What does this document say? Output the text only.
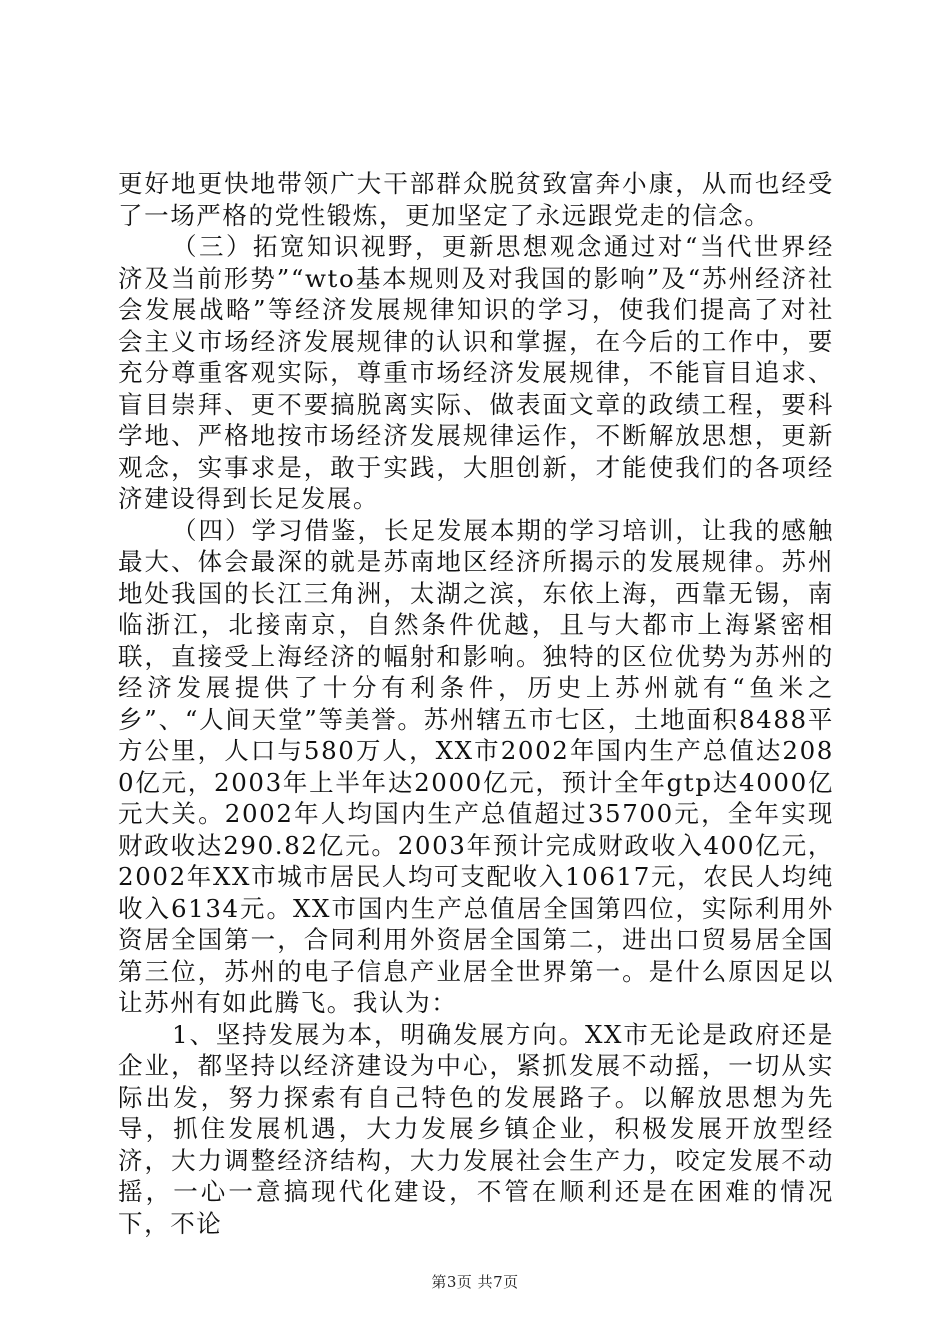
更好地更快地带领广大干部群众脱贫致富奔小康，从而也经受了一场严格的党性锻炼，更加坚定了永远跟党走的信念。

（三）拓宽知识视野，更新思想观念通过对“当代世界经济及当前形势”“wto基本规则及对我国的影响”及“苏州经济社会发展战略”等经济发展规律知识的学习，使我们提高了对社会主义市场经济发展规律的认识和掌握，在今后的工作中，要充分尊重客观实际，尊重市场经济发展规律，不能盲目追求、盲目崇拜、更不要搞脱离实际、做表面文章的政绩工程，要科学地、严格地按市场经济发展规律运作，不断解放思想，更新观念，实事求是，敢于实践，大胆创新，才能使我们的各项经济建设得到长足发展。

（四）学习借鉴，长足发展本期的学习培训，让我的感触最大、体会最深的就是苏南地区经济所揭示的发展规律。苏州地处我国的长江三角洲，太湖之滨，东依上海，西靠无锡，南临浙江，北接南京，自然条件优越，且与大都市上海紧密相联，直接受上海经济的幅射和影响。独特的区位优势为苏州的经济发展提供了十分有利条件，历史上苏州就有“鱼米之乡”、“人间天堂”等美誉。苏州辖五市七区，土地面积8488平方公里，人口与580万人，XX市2002年国内生产总值达2080亿元，2003年上半年达2000亿元，预计全年gtp达4000亿元大关。2002年人均国内生产总值超过35700元，全年实现财政收达290.82亿元。2003年预计完成财政收入400亿元，2002年XX市城市居民人均可支配收入10617元，农民人均纯收入6134元。XX市国内生产总值居全国第四位，实际利用外资居全国第一，合同利用外资居全国第二，进出口贸易居全国第三位，苏州的电子信息产业居全世界第一。是什么原因足以让苏州有如此腾飞。我认为：

1、坚持发展为本，明确发展方向。XX市无论是政府还是企业，都坚持以经济建设为中心，紧抓发展不动摇，一切从实际出发，努力探索有自己特色的发展路子。以解放思想为先导，抓住发展机遇，大力发展乡镇企业，积极发展开放型经济，大力调整经济结构，大力发展社会生产力，咬定发展不动摇，一心一意搞现代化建设，不管在顺利还是在困难的情况下，不论

第3页 共7页
